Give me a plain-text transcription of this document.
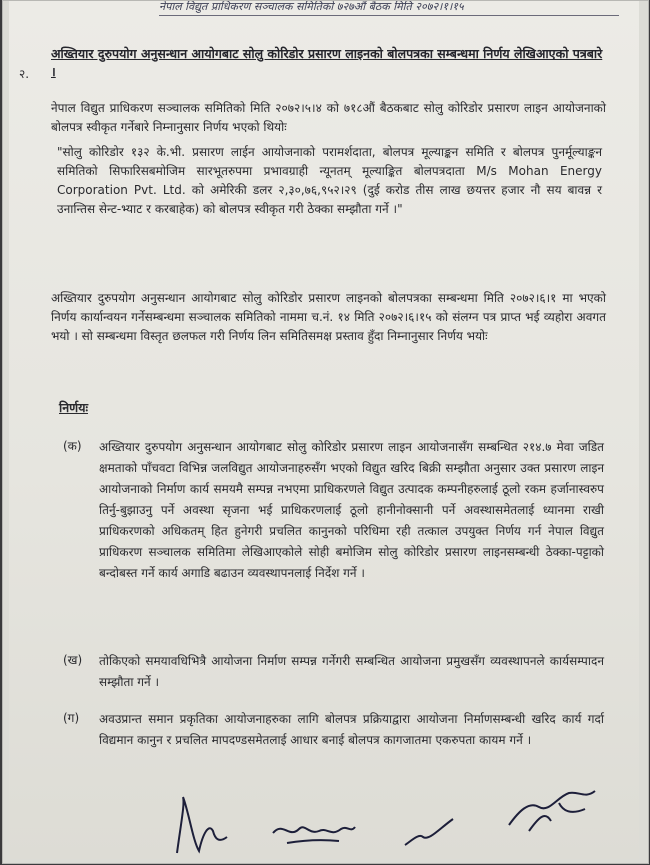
नेपाल विद्युत प्राधिकरण सञ्चालक समितिको ७२७औं बैठक मिति २०७२।१।१५
२.
अख्तियार दुरुपयोग अनुसन्धान आयोगबाट सोलु कोरिडोर प्रसारण लाइनको बोलपत्रका सम्बन्धमा निर्णय लेखिआएको पत्रबारे ।
नेपाल विद्युत प्राधिकरण सञ्चालक समितिको मिति २०७२।५।४ को ७१८औं बैठकबाट सोलु कोरिडोर प्रसारण लाइन आयोजनाको बोलपत्र स्वीकृत गर्नेबारे निम्नानुसार निर्णय भएको थियोः
"सोलु कोरिडोर १३२ के.भी. प्रसारण लाईन आयोजनाको परामर्शदाता, बोलपत्र मूल्याङ्कन समिति र बोलपत्र पुनर्मूल्याङ्कन समितिको सिफारिसबमोजिम सारभूतरुपमा प्रभावग्राही न्यूनतम् मूल्याङ्कित बोलपत्रदाता M/s Mohan Energy Corporation Pvt. Ltd. को अमेरिकी डलर २,३०,७६,९५२।२९ (दुई करोड तीस लाख छयत्तर हजार नौ सय बावन्न र उनान्तिस सेन्ट-भ्याट र करबाहेक) को बोलपत्र स्वीकृत गरी ठेक्का सम्झौता गर्ने ।"
अख्तियार दुरुपयोग अनुसन्धान आयोगबाट सोलु कोरिडोर प्रसारण लाइनको बोलपत्रका सम्बन्धमा मिति २०७२।६।१ मा भएको निर्णय कार्यान्वयन गर्नेसम्बन्धमा सञ्चालक समितिको नाममा च.नं. १४ मिति २०७२।६।१५ को संलग्न पत्र प्राप्त भई व्यहोरा अवगत भयो । सो सम्बन्धमा विस्तृत छलफल गरी निर्णय लिन समितिसमक्ष प्रस्ताव हुँदा निम्नानुसार निर्णय भयोः
निर्णयः
(क) अख्तियार दुरुपयोग अनुसन्धान आयोगबाट सोलु कोरिडोर प्रसारण लाइन आयोजनासँग सम्बन्धित २१४.७ मेवा जडित क्षमताको पाँचवटा विभिन्न जलविद्युत आयोजनाहरुसँग भएको विद्युत खरिद बिक्री सम्झौता अनुसार उक्त प्रसारण लाइन आयोजनाको निर्माण कार्य समयमै सम्पन्न नभएमा प्राधिकरणले विद्युत उत्पादक कम्पनीहरुलाई ठूलो रकम हर्जानास्वरुप तिर्नु-बुझाउनु पर्ने अवस्था सृजना भई प्राधिकरणलाई ठूलो हानीनोक्सानी पर्ने अवस्थासमेतलाई ध्यानमा राखी प्राधिकरणको अधिकतम् हित हुनेगरी प्रचलित कानुनको परिधिमा रही तत्काल उपयुक्त निर्णय गर्न नेपाल विद्युत प्राधिकरण सञ्चालक समितिमा लेखिआएकोले सोही बमोजिम सोलु कोरिडोर प्रसारण लाइनसम्बन्धी ठेक्का-पट्टाको बन्दोबस्त गर्ने कार्य अगाडि बढाउन व्यवस्थापनलाई निर्देश गर्ने ।
(ख) तोकिएको समयावधिभित्रै आयोजना निर्माण सम्पन्न गर्नेगरी सम्बन्धित आयोजना प्रमुखसँग व्यवस्थापनले कार्यसम्पादन सम्झौता गर्ने ।
(ग) अवउप्रान्त समान प्रकृतिका आयोजनाहरुका लागि बोलपत्र प्रक्रियाद्वारा आयोजना निर्माणसम्बन्धी खरिद कार्य गर्दा विद्यमान कानुन र प्रचलित मापदण्डसमेतलाई आधार बनाई बोलपत्र कागजातमा एकरुपता कायम गर्ने ।
